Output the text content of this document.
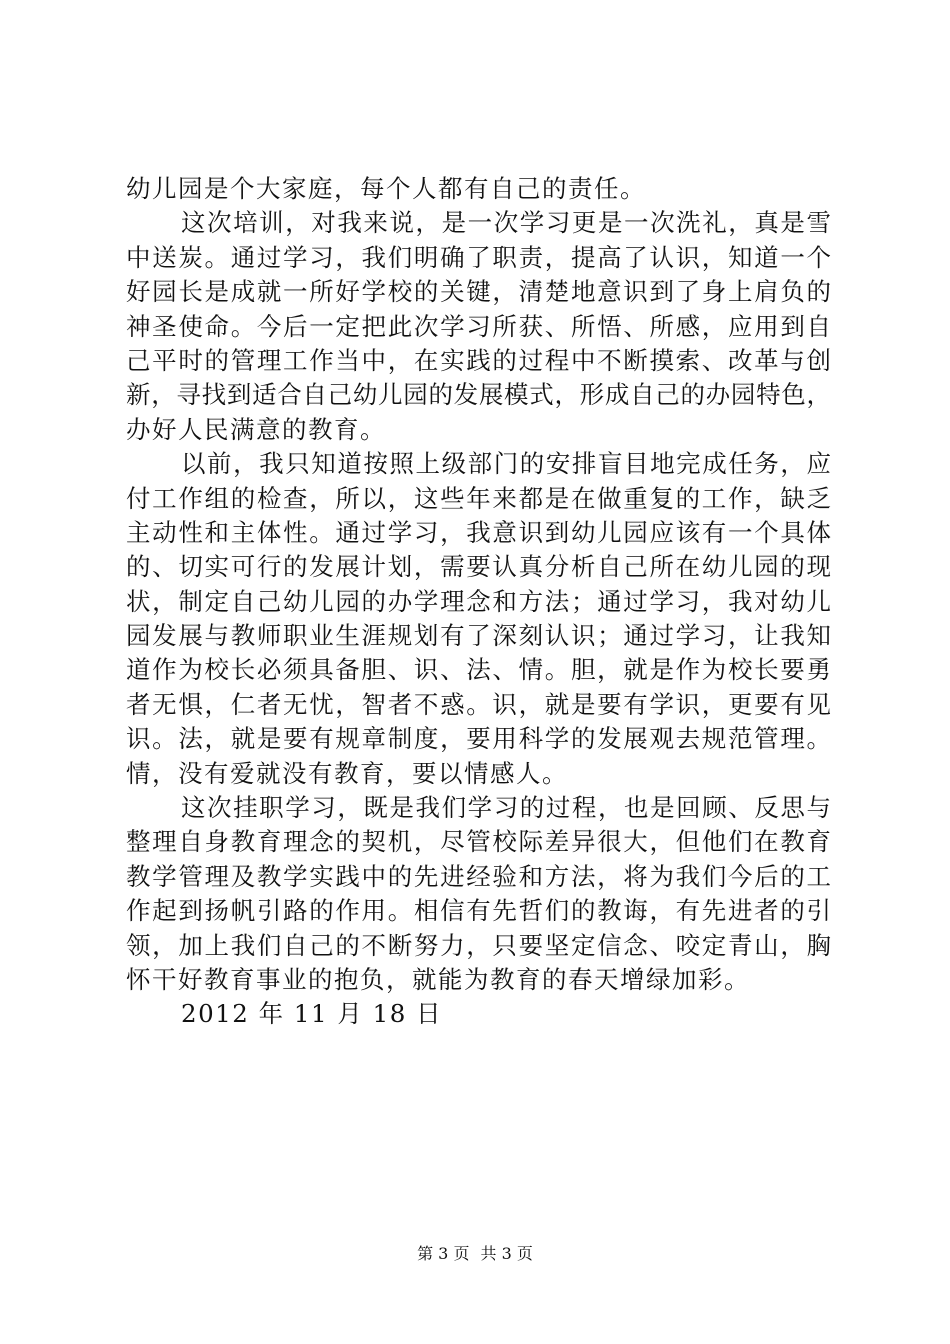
幼儿园是个大家庭，每个人都有自己的责任。
这次培训，对我来说，是一次学习更是一次洗礼，真是雪
中送炭。通过学习，我们明确了职责，提高了认识，知道一个
好园长是成就一所好学校的关键，清楚地意识到了身上肩负的
神圣使命。今后一定把此次学习所获、所悟、所感，应用到自
己平时的管理工作当中，在实践的过程中不断摸索、改革与创
新，寻找到适合自己幼儿园的发展模式，形成自己的办园特色，
办好人民满意的教育。
以前，我只知道按照上级部门的安排盲目地完成任务，应
付工作组的检查，所以，这些年来都是在做重复的工作，缺乏
主动性和主体性。通过学习，我意识到幼儿园应该有一个具体
的、切实可行的发展计划，需要认真分析自己所在幼儿园的现
状，制定自己幼儿园的办学理念和方法；通过学习，我对幼儿
园发展与教师职业生涯规划有了深刻认识；通过学习，让我知
道作为校长必须具备胆、识、法、情。胆，就是作为校长要勇
者无惧，仁者无忧，智者不惑。识，就是要有学识，更要有见
识。法，就是要有规章制度，要用科学的发展观去规范管理。
情，没有爱就没有教育，要以情感人。
这次挂职学习，既是我们学习的过程，也是回顾、反思与
整理自身教育理念的契机，尽管校际差异很大，但他们在教育
教学管理及教学实践中的先进经验和方法，将为我们今后的工
作起到扬帆引路的作用。相信有先哲们的教诲，有先进者的引
领，加上我们自己的不断努力，只要坚定信念、咬定青山，胸
怀干好教育事业的抱负，就能为教育的春天增绿加彩。
2012 年 11 月 18 日
第 3 页 共 3 页
